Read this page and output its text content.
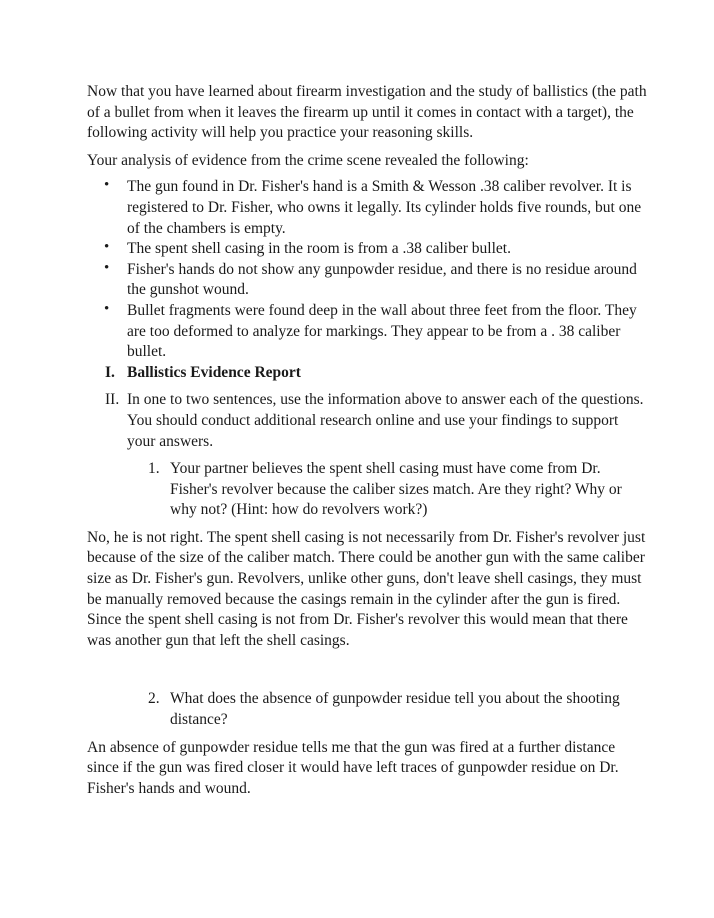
Now that you have learned about firearm investigation and the study of ballistics (the path of a bullet from when it leaves the firearm up until it comes in contact with a target), the following activity will help you practice your reasoning skills.

Your analysis of evidence from the crime scene revealed the following:

• The gun found in Dr. Fisher's hand is a Smith & Wesson .38 caliber revolver. It is registered to Dr. Fisher, who owns it legally. Its cylinder holds five rounds, but one of the chambers is empty.
• The spent shell casing in the room is from a .38 caliber bullet.
• Fisher's hands do not show any gunpowder residue, and there is no residue around the gunshot wound.
• Bullet fragments were found deep in the wall about three feet from the floor. They are too deformed to analyze for markings. They appear to be from a . 38 caliber bullet.
I. Ballistics Evidence Report
II. In one to two sentences, use the information above to answer each of the questions. You should conduct additional research online and use your findings to support your answers.
1. Your partner believes the spent shell casing must have come from Dr. Fisher's revolver because the caliber sizes match. Are they right? Why or why not? (Hint: how do revolvers work?)

No, he is not right. The spent shell casing is not necessarily from Dr. Fisher's revolver just because of the size of the caliber match. There could be another gun with the same caliber size as Dr. Fisher's gun. Revolvers, unlike other guns, don't leave shell casings, they must be manually removed because the casings remain in the cylinder after the gun is fired. Since the spent shell casing is not from Dr. Fisher's revolver this would mean that there was another gun that left the shell casings.

2. What does the absence of gunpowder residue tell you about the shooting distance?

An absence of gunpowder residue tells me that the gun was fired at a further distance since if the gun was fired closer it would have left traces of gunpowder residue on Dr. Fisher's hands and wound.
